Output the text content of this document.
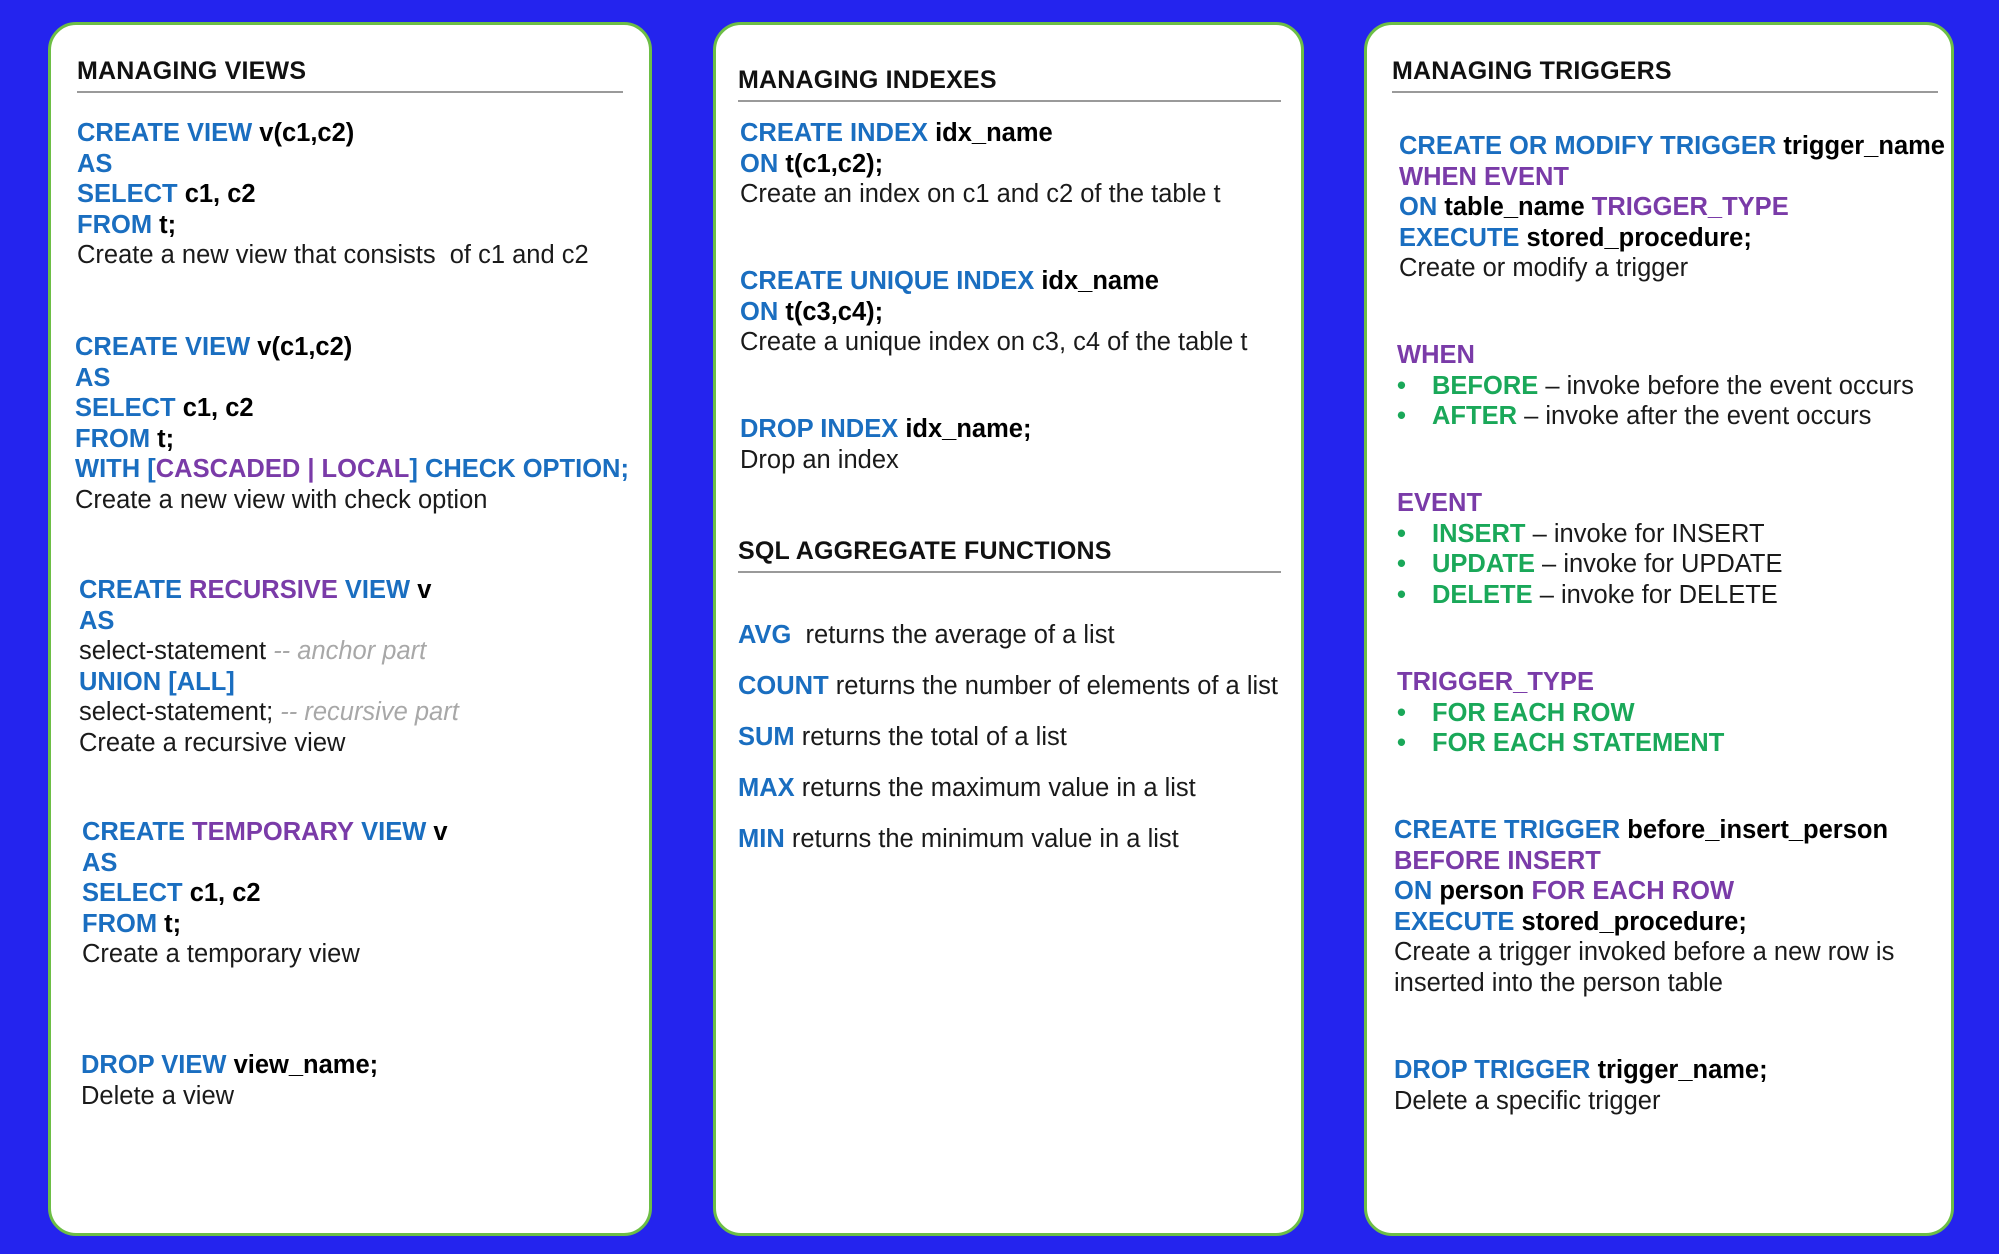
MANAGING VIEWS
CREATE VIEW v(c1,c2)
AS
SELECT c1, c2
FROM t;
Create a new view that consists  of c1 and c2
CREATE VIEW v(c1,c2)
AS
SELECT c1, c2
FROM t;
WITH [CASCADED | LOCAL] CHECK OPTION;
Create a new view with check option
CREATE RECURSIVE VIEW v
AS
select-statement -- anchor part
UNION [ALL]
select-statement; -- recursive part
Create a recursive view
CREATE TEMPORARY VIEW v
AS
SELECT c1, c2
FROM t;
Create a temporary view
DROP VIEW view_name;
Delete a view
MANAGING INDEXES
CREATE INDEX idx_name
ON t(c1,c2);
Create an index on c1 and c2 of the table t
CREATE UNIQUE INDEX idx_name
ON t(c3,c4);
Create a unique index on c3, c4 of the table t
DROP INDEX idx_name;
Drop an index
SQL AGGREGATE FUNCTIONS
AVG  returns the average of a list
COUNT returns the number of elements of a list
SUM returns the total of a list
MAX returns the maximum value in a list
MIN returns the minimum value in a list
MANAGING TRIGGERS
CREATE OR MODIFY TRIGGER trigger_name
WHEN EVENT
ON table_name TRIGGER_TYPE
EXECUTE stored_procedure;
Create or modify a trigger
WHEN
• BEFORE – invoke before the event occurs
• AFTER – invoke after the event occurs
EVENT
• INSERT – invoke for INSERT
• UPDATE – invoke for UPDATE
• DELETE – invoke for DELETE
TRIGGER_TYPE
• FOR EACH ROW
• FOR EACH STATEMENT
CREATE TRIGGER before_insert_person
BEFORE INSERT
ON person FOR EACH ROW
EXECUTE stored_procedure;
Create a trigger invoked before a new row is
inserted into the person table
DROP TRIGGER trigger_name;
Delete a specific trigger
